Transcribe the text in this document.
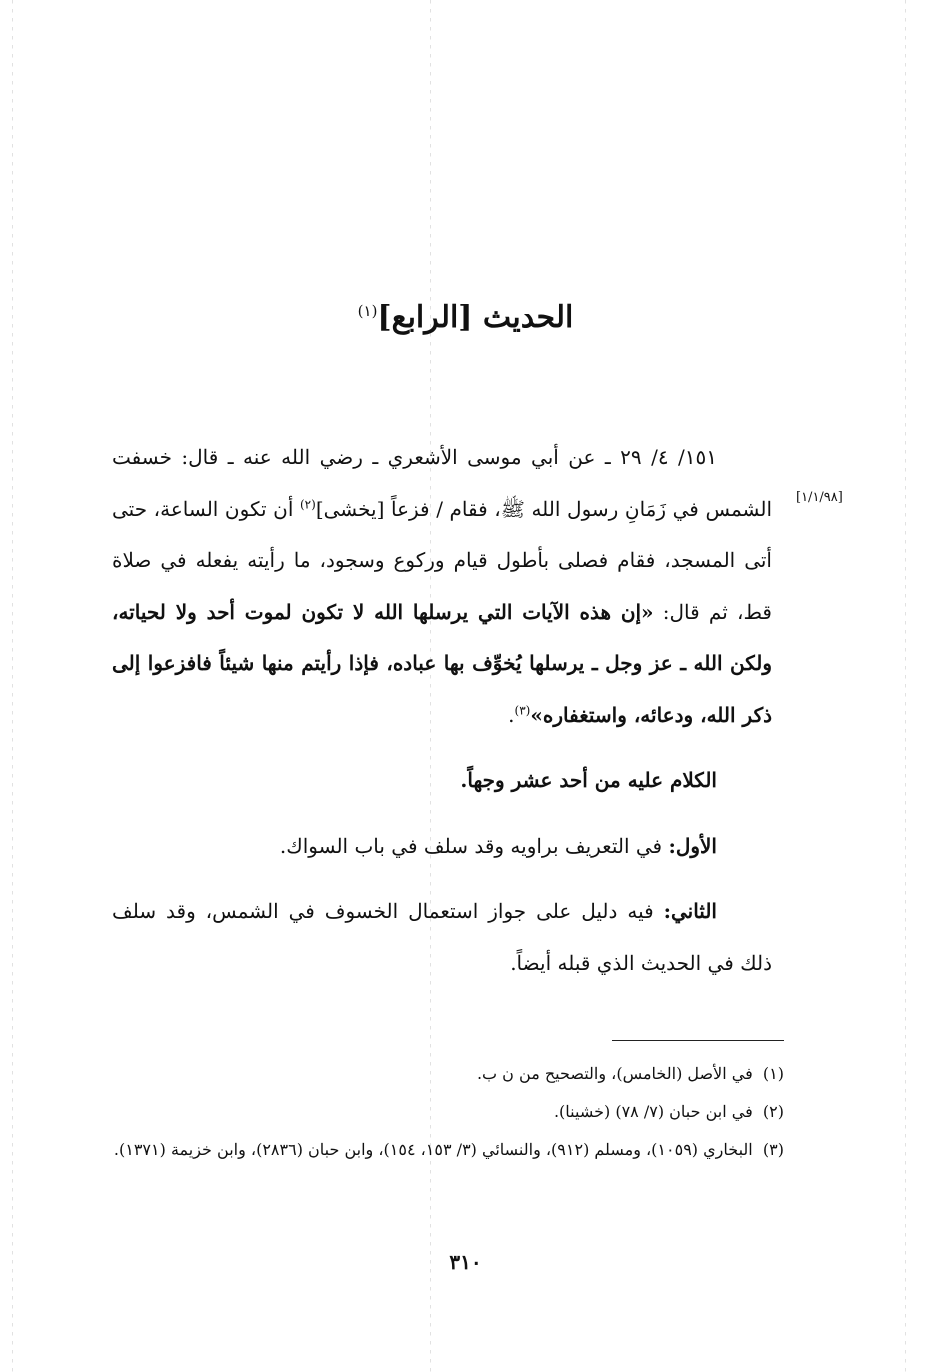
الحديث [الرابع]$^{(١)}$
[١/١/٩٨]

١٥١/ ٤/ ٢٩ ـ عن أبي موسى الأشعري ـ رضي الله عنه ـ قال: خسفت الشمس في زَمَانِ رسول الله ﷺ، فقام / فزعاً [يخشى]$^{(٢)}$ أن تكون الساعة، حتى أتى المسجد، فقام فصلى بأطول قيام وركوع وسجود، ما رأيته يفعله في صلاة قط، ثم قال: «إن هذه الآيات التي يرسلها الله لا تكون لموت أحد ولا لحياته، ولكن الله ـ عز وجل ـ يرسلها يُخوِّف بها عباده، فإذا رأيتم منها شيئاً فافزعوا إلى ذكر الله، ودعائه، واستغفاره»$^{(٣)}$.

الكلام عليه من أحد عشر وجهاً.

الأول: في التعريف براويه وقد سلف في باب السواك.

الثاني: فيه دليل على جواز استعمال الخسوف في الشمس، وقد سلف ذلك في الحديث الذي قبله أيضاً.

(١)  في الأصل (الخامس)، والتصحيح من ن ب.

(٢)  في ابن حبان (٧/ ٧٨) (خشينا).

(٣)  البخاري (١٠٥٩)، ومسلم (٩١٢)، والنسائي (٣/ ١٥٣، ١٥٤)، وابن حبان (٢٨٣٦)، وابن خزيمة (١٣٧١).

٣١٠
